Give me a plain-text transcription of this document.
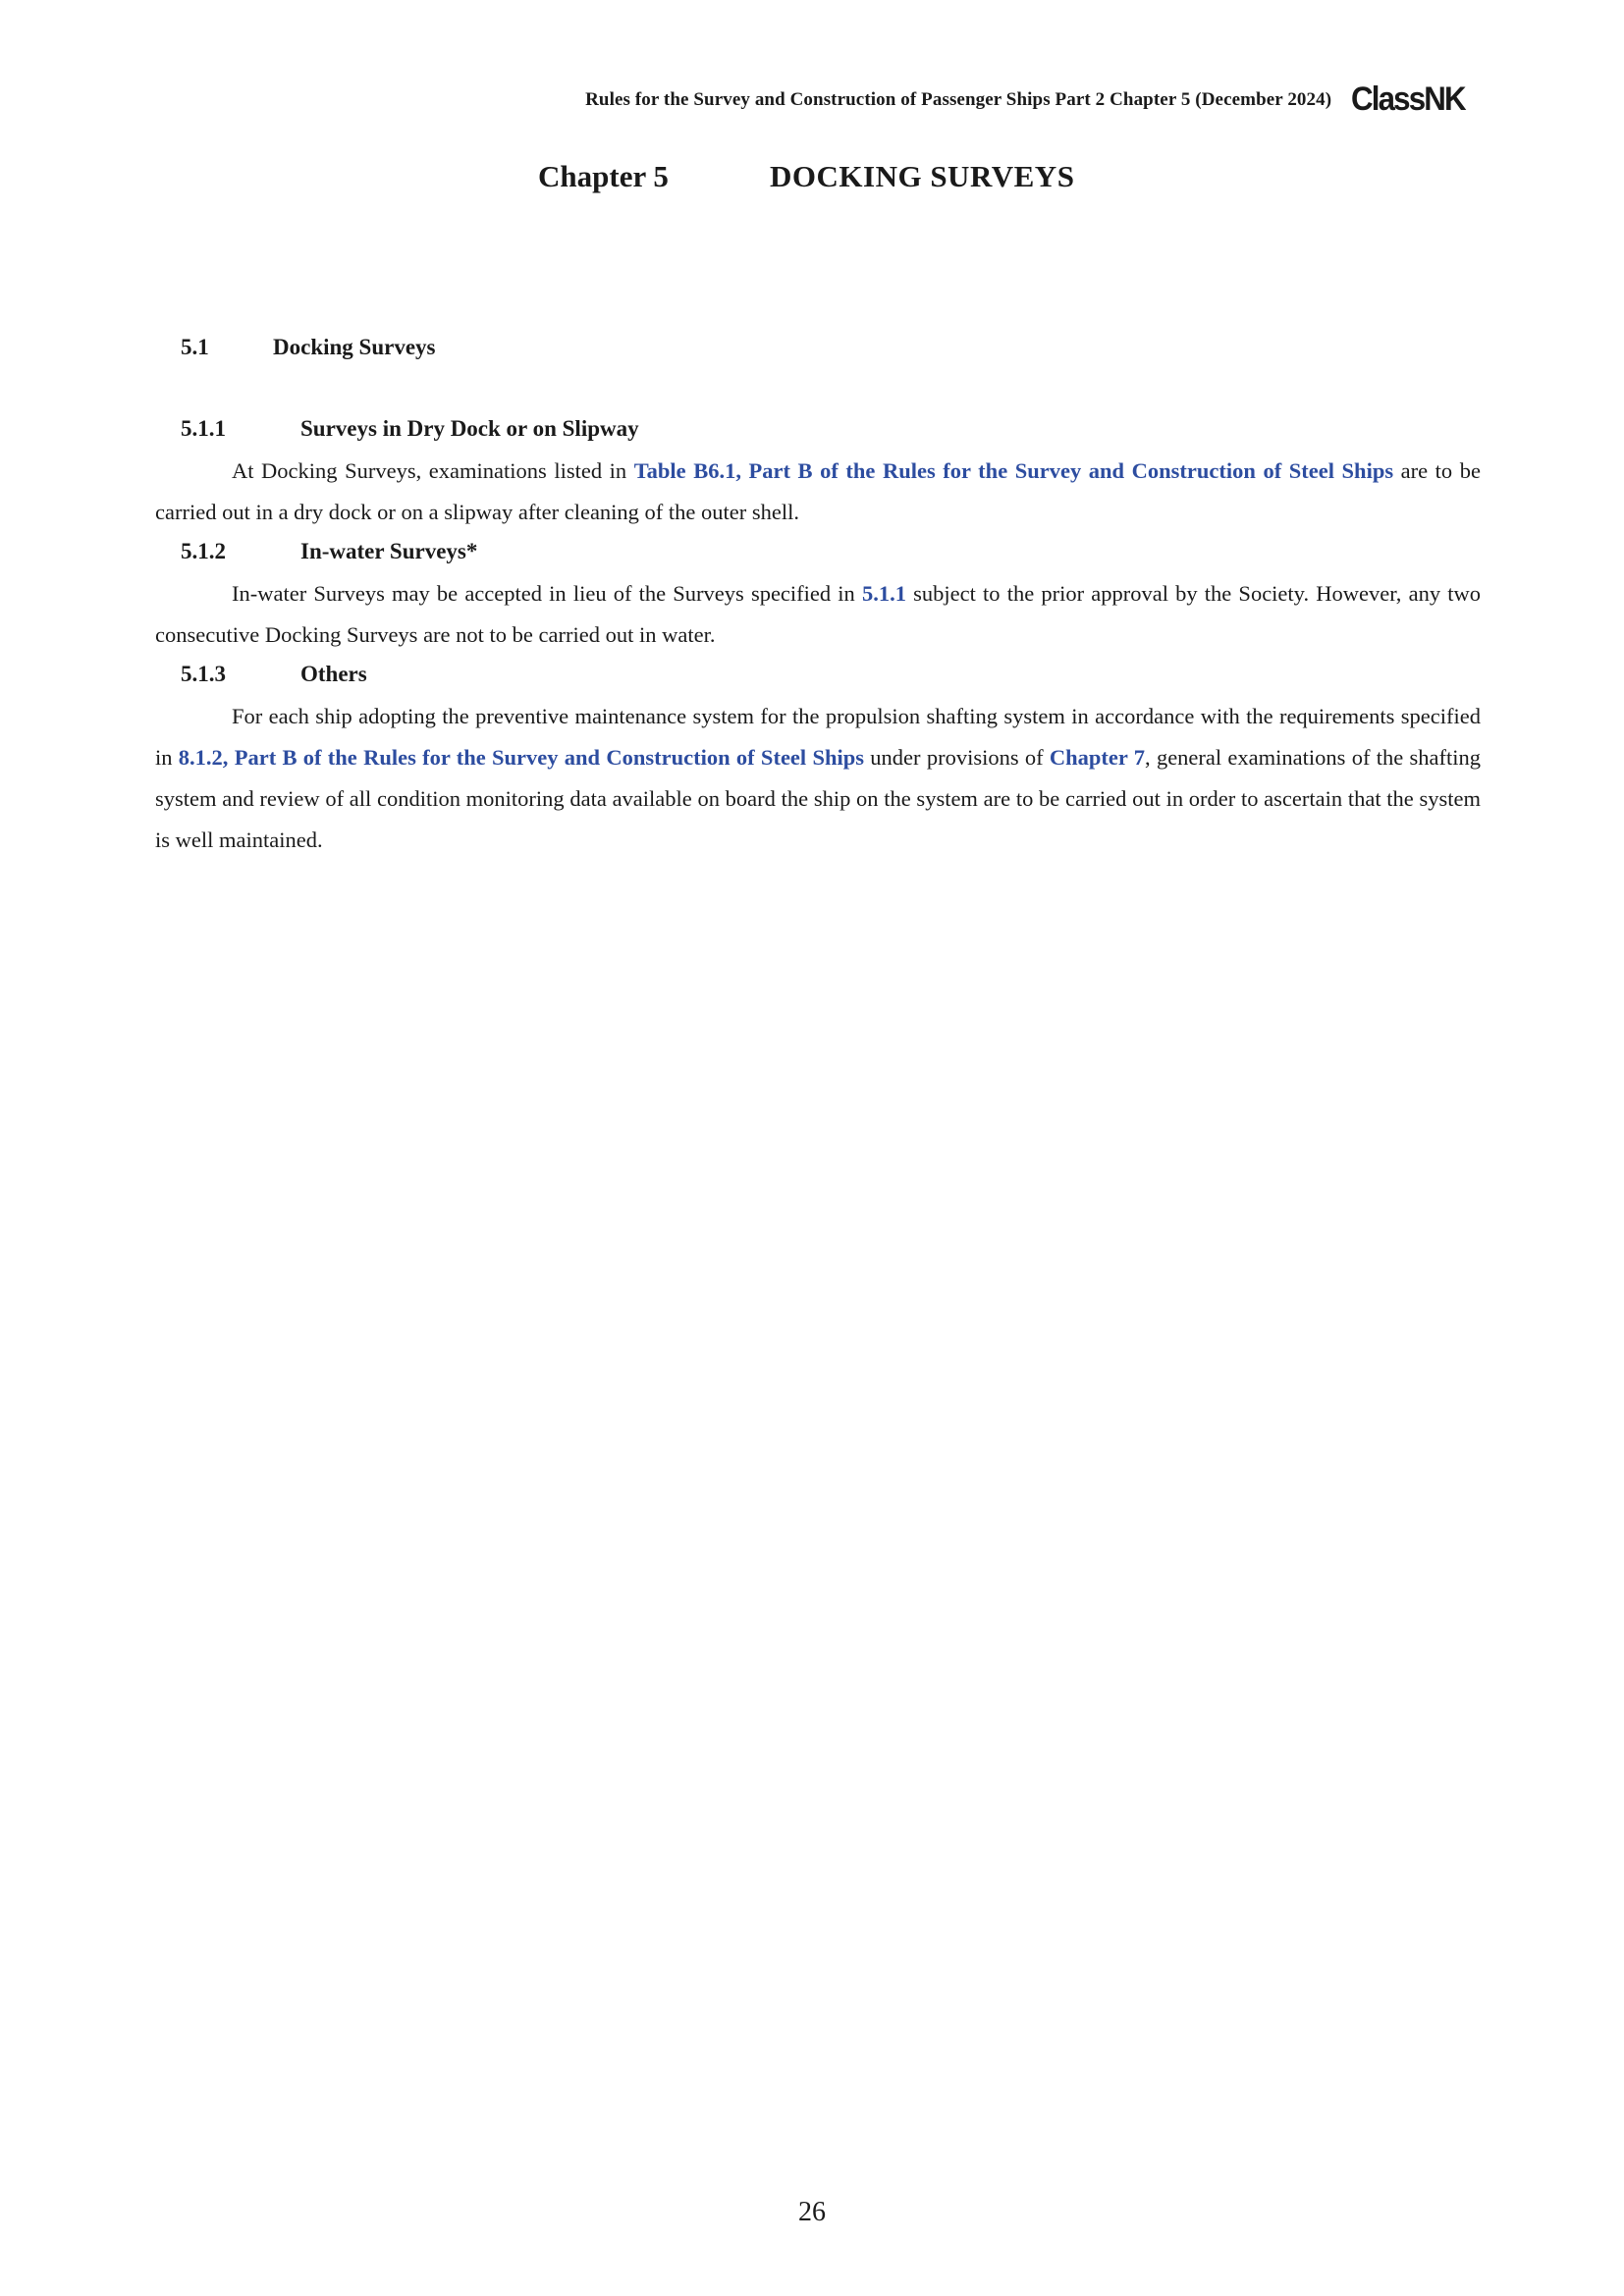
Rules for the Survey and Construction of Passenger Ships Part 2 Chapter 5 (December 2024) ClassNK
Chapter 5	DOCKING SURVEYS
5.1	Docking Surveys
5.1.1	Surveys in Dry Dock or on Slipway
At Docking Surveys, examinations listed in Table B6.1, Part B of the Rules for the Survey and Construction of Steel Ships are to be carried out in a dry dock or on a slipway after cleaning of the outer shell.
5.1.2	In-water Surveys*
In-water Surveys may be accepted in lieu of the Surveys specified in 5.1.1 subject to the prior approval by the Society. However, any two consecutive Docking Surveys are not to be carried out in water.
5.1.3	Others
For each ship adopting the preventive maintenance system for the propulsion shafting system in accordance with the requirements specified in 8.1.2, Part B of the Rules for the Survey and Construction of Steel Ships under provisions of Chapter 7, general examinations of the shafting system and review of all condition monitoring data available on board the ship on the system are to be carried out in order to ascertain that the system is well maintained.
26
